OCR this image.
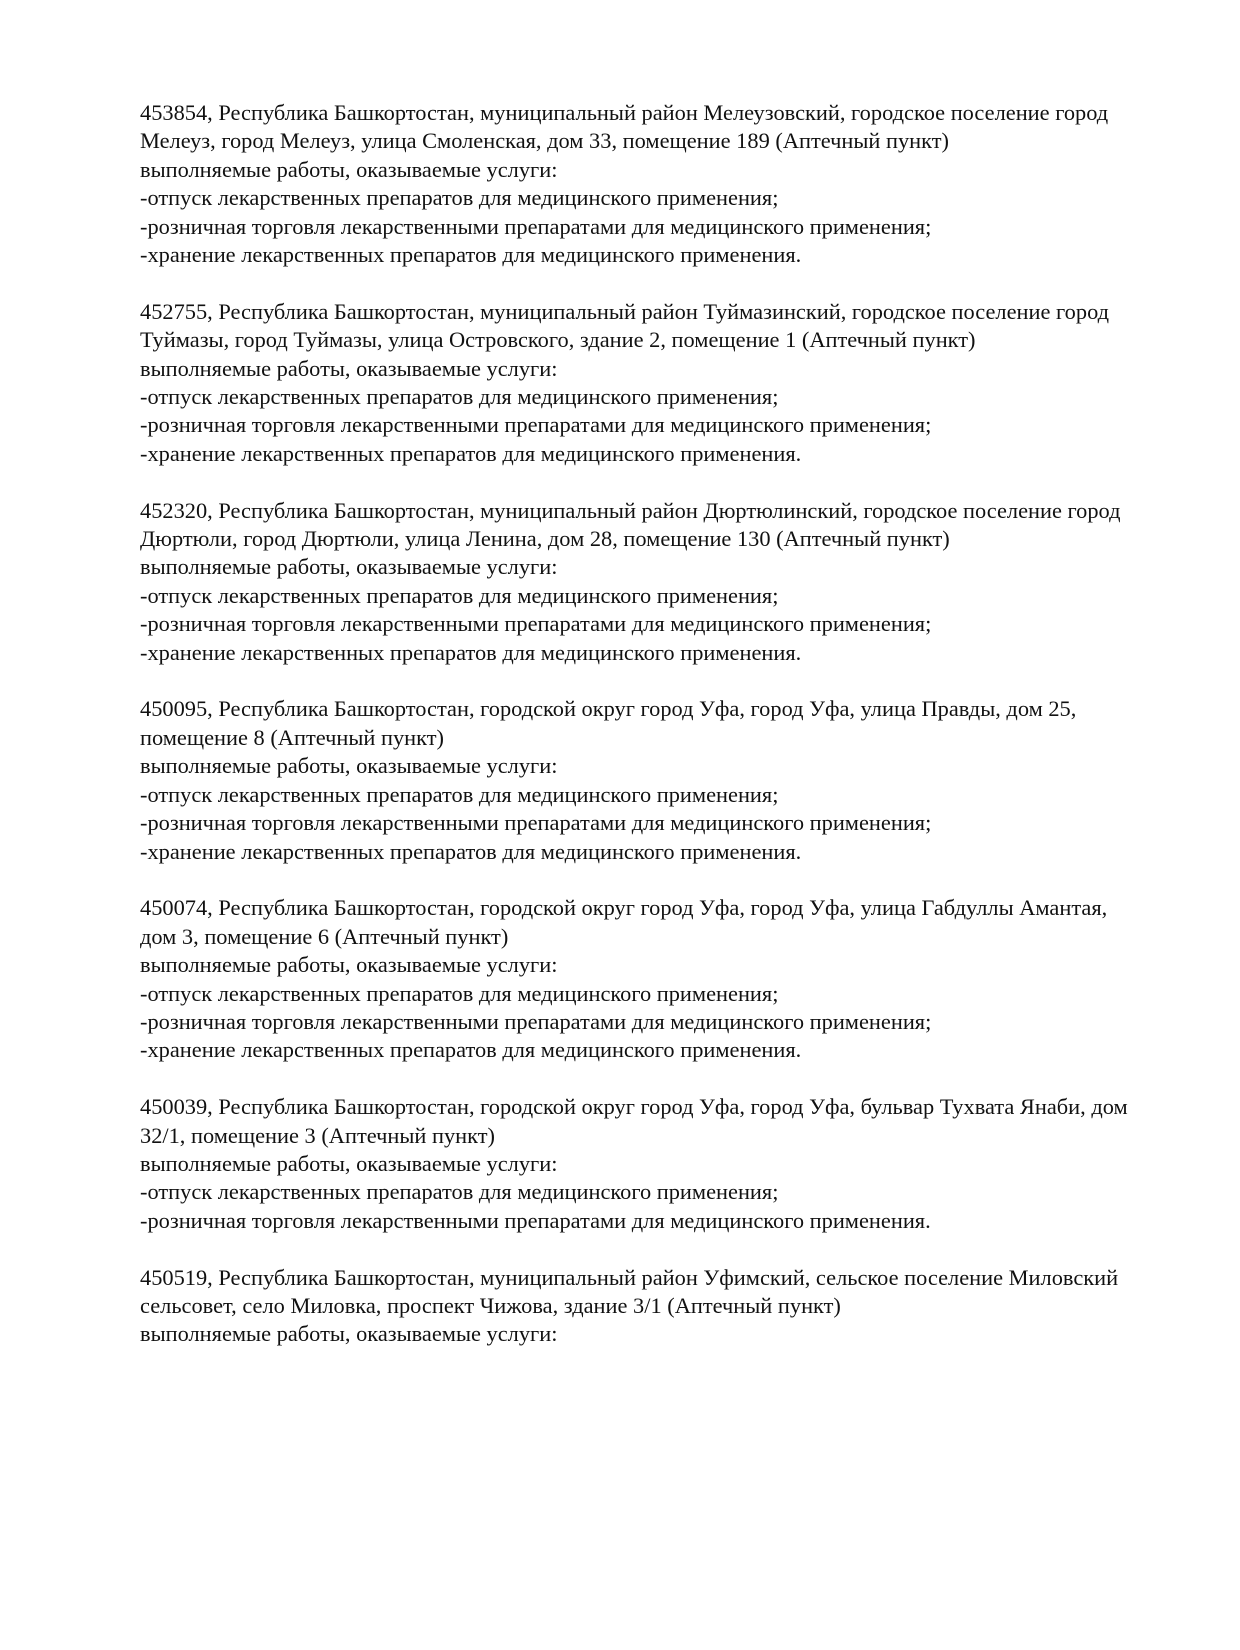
453854, Республика Башкортостан, муниципальный район Мелеузовский, городское поселение город Мелеуз, город Мелеуз, улица Смоленская, дом 33, помещение 189 (Аптечный пункт)
выполняемые работы, оказываемые услуги:
-отпуск лекарственных препаратов для медицинского применения;
-розничная торговля лекарственными препаратами для медицинского применения;
-хранение лекарственных препаратов для медицинского применения.
452755, Республика Башкортостан, муниципальный район Туймазинский, городское поселение город Туймазы, город Туймазы, улица Островского, здание 2, помещение 1 (Аптечный пункт)
выполняемые работы, оказываемые услуги:
-отпуск лекарственных препаратов для медицинского применения;
-розничная торговля лекарственными препаратами для медицинского применения;
-хранение лекарственных препаратов для медицинского применения.
452320, Республика Башкортостан, муниципальный район Дюртюлинский, городское поселение город Дюртюли, город Дюртюли, улица Ленина, дом 28, помещение 130 (Аптечный пункт)
выполняемые работы, оказываемые услуги:
-отпуск лекарственных препаратов для медицинского применения;
-розничная торговля лекарственными препаратами для медицинского применения;
-хранение лекарственных препаратов для медицинского применения.
450095, Республика Башкортостан, городской округ город Уфа, город Уфа, улица Правды, дом 25, помещение 8 (Аптечный пункт)
выполняемые работы, оказываемые услуги:
-отпуск лекарственных препаратов для медицинского применения;
-розничная торговля лекарственными препаратами для медицинского применения;
-хранение лекарственных препаратов для медицинского применения.
450074, Республика Башкортостан, городской округ город Уфа, город Уфа, улица Габдуллы Амантая, дом 3, помещение 6 (Аптечный пункт)
выполняемые работы, оказываемые услуги:
-отпуск лекарственных препаратов для медицинского применения;
-розничная торговля лекарственными препаратами для медицинского применения;
-хранение лекарственных препаратов для медицинского применения.
450039, Республика Башкортостан, городской округ город Уфа, город Уфа, бульвар Тухвата Янаби, дом 32/1, помещение 3 (Аптечный пункт)
выполняемые работы, оказываемые услуги:
-отпуск лекарственных препаратов для медицинского применения;
-розничная торговля лекарственными препаратами для медицинского применения.
450519, Республика Башкортостан, муниципальный район Уфимский, сельское поселение Миловский сельсовет, село Миловка, проспект Чижова, здание 3/1 (Аптечный пункт)
выполняемые работы, оказываемые услуги:
